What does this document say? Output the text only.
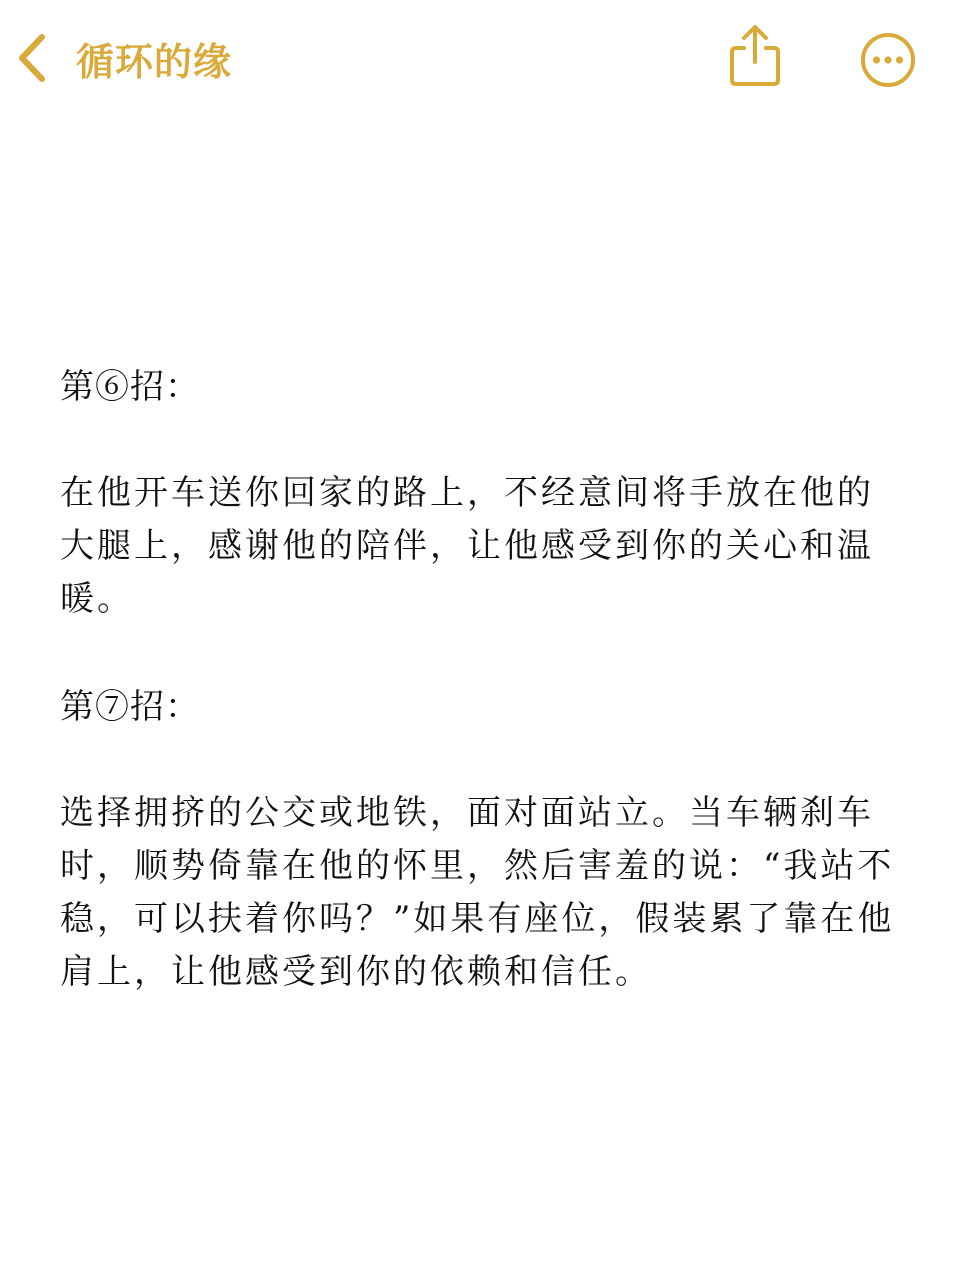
循环的缘

第⑥招：

在他开车送你回家的路上，不经意间将手放在他的大腿上，感谢他的陪伴，让他感受到你的关心和温暖。

第⑦招：

选择拥挤的公交或地铁，面对面站立。当车辆刹车时，顺势倚靠在他的怀里，然后害羞的说：“我站不稳，可以扶着你吗？”如果有座位，假装累了靠在他肩上，让他感受到你的依赖和信任。
